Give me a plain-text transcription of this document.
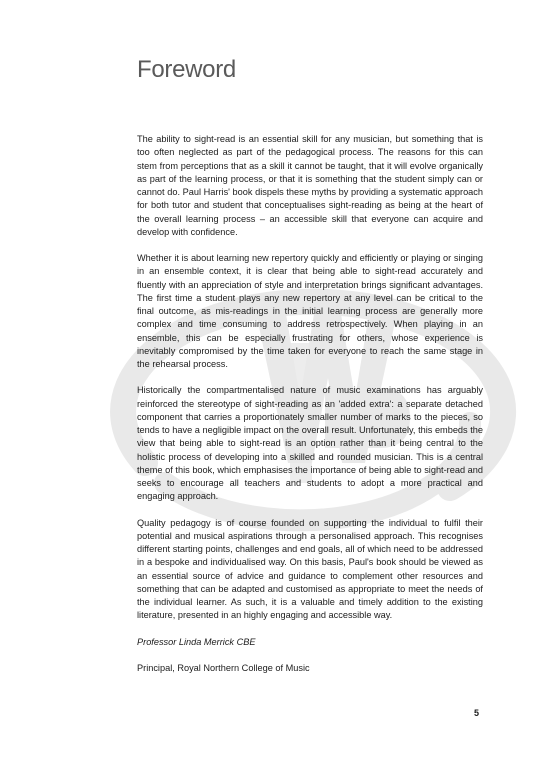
Foreword

The ability to sight-read is an essential skill for any musician, but something that is too often neglected as part of the pedagogical process. The reasons for this can stem from perceptions that as a skill it cannot be taught, that it will evolve organically as part of the learning process, or that it is something that the student simply can or cannot do. Paul Harris' book dispels these myths by providing a systematic approach for both tutor and student that conceptualises sight-reading as being at the heart of the overall learning process – an accessible skill that everyone can acquire and develop with confidence.

Whether it is about learning new repertory quickly and efficiently or playing or singing in an ensemble context, it is clear that being able to sight-read accurately and fluently with an appreciation of style and interpretation brings significant advantages. The first time a student plays any new repertory at any level can be critical to the final outcome, as mis-readings in the initial learning process are generally more complex and time consuming to address retrospectively. When playing in an ensemble, this can be especially frustrating for others, whose experience is inevitably compromised by the time taken for everyone to reach the same stage in the rehearsal process.

Historically the compartmentalised nature of music examinations has arguably reinforced the stereotype of sight-reading as an 'added extra': a separate detached component that carries a proportionately smaller number of marks to the pieces, so tends to have a negligible impact on the overall result. Unfortunately, this embeds the view that being able to sight-read is an option rather than it being central to the holistic process of developing into a skilled and rounded musician. This is a central theme of this book, which emphasises the importance of being able to sight-read and seeks to encourage all teachers and students to adopt a more practical and engaging approach.

Quality pedagogy is of course founded on supporting the individual to fulfil their potential and musical aspirations through a personalised approach. This recognises different starting points, challenges and end goals, all of which need to be addressed in a bespoke and individualised way. On this basis, Paul's book should be viewed as an essential source of advice and guidance to complement other resources and something that can be adapted and customised as appropriate to meet the needs of the individual learner. As such, it is a valuable and timely addition to the existing literature, presented in an highly engaging and accessible way.

Professor Linda Merrick CBE

Principal, Royal Northern College of Music

5
